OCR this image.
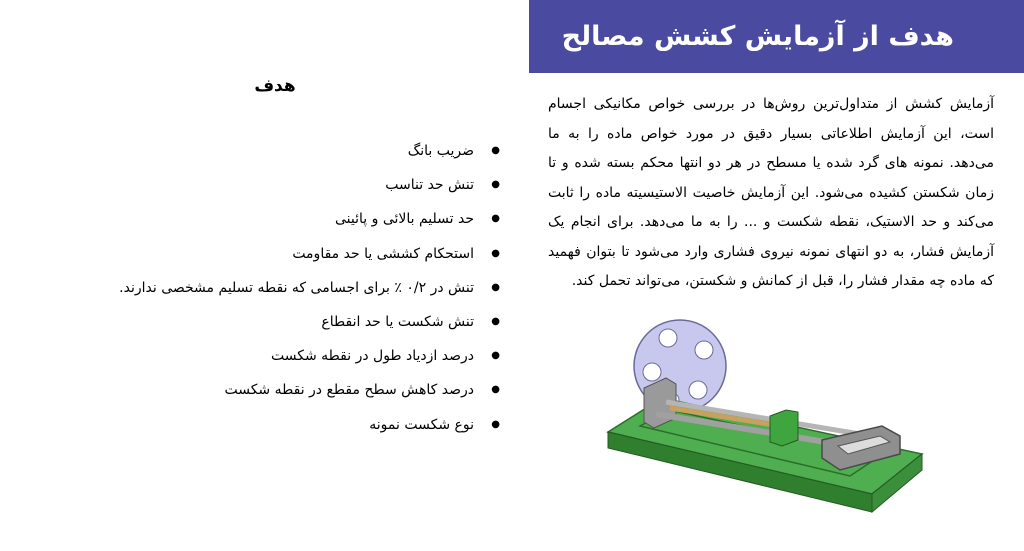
هدف از آزمایش کشش مصالح
هدف
● ضریب بانگ
● تنش حد تناسب
● حد تسلیم بالائی و پائینی
● استحکام کششی یا حد مقاومت
● تنش در ۰/۲ ٪ برای اجسامی که نقطه تسلیم مشخصی ندارند.
● تنش شکست یا حد انقطاع
● درصد ازدیاد طول در نقطه شکست
● درصد کاهش سطح مقطع در نقطه شکست
● نوع شکست نمونه

آزمایش کشش از متداول‌ترین روش‌ها در بررسی خواص مکانیکی اجسام است، این آزمایش اطلاعاتی بسیار دقیق در مورد خواص ماده را به ما می‌دهد. نمونه های گرد شده یا مسطح در هر دو انتها محکم بسته شده و تا زمان شکستن کشیده می‌شود. این آزمایش خاصیت الاستیسیته ماده را ثابت می‌کند و حد الاستیک، نقطه شکست و ... را به ما می‌دهد. برای انجام یک آزمایش فشار، به دو انتهای نمونه نیروی فشاری وارد می‌شود تا بتوان فهمید که ماده چه مقدار فشار را، قبل از کمانش و شکستن، می‌تواند تحمل کند.
